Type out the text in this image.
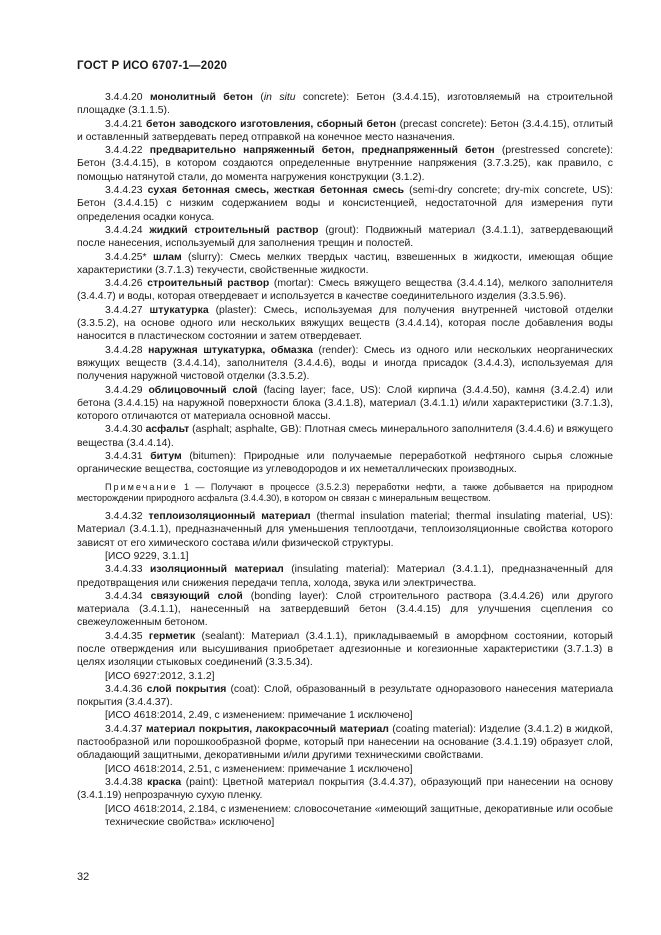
ГОСТ Р ИСО 6707-1—2020

3.4.4.20 монолитный бетон (in situ concrete): Бетон (3.4.4.15), изготовляемый на строительной площадке (3.1.1.5).

3.4.4.21 бетон заводского изготовления, сборный бетон (precast concrete): Бетон (3.4.4.15), отлитый и оставленный затвердевать перед отправкой на конечное место назначения.

3.4.4.22 предварительно напряженный бетон, преднапряженный бетон (prestressed concrete): Бетон (3.4.4.15), в котором создаются определенные внутренние напряжения (3.7.3.25), как правило, с помощью натянутой стали, до момента нагружения конструкции (3.1.2).

3.4.4.23 сухая бетонная смесь, жесткая бетонная смесь (semi-dry concrete; dry-mix concrete, US): Бетон (3.4.4.15) с низким содержанием воды и консистенцией, недостаточной для измерения пути определения осадки конуса.

3.4.4.24 жидкий строительный раствор (grout): Подвижный материал (3.4.1.1), затвердевающий после нанесения, используемый для заполнения трещин и полостей.

3.4.4.25* шлам (slurry): Смесь мелких твердых частиц, взвешенных в жидкости, имеющая общие характеристики (3.7.1.3) текучести, свойственные жидкости.

3.4.4.26 строительный раствор (mortar): Смесь вяжущего вещества (3.4.4.14), мелкого заполнителя (3.4.4.7) и воды, которая отвердевает и используется в качестве соединительного изделия (3.3.5.96).

3.4.4.27 штукатурка (plaster): Смесь, используемая для получения внутренней чистовой отделки (3.3.5.2), на основе одного или нескольких вяжущих веществ (3.4.4.14), которая после добавления воды наносится в пластическом состоянии и затем отвердевает.

3.4.4.28 наружная штукатурка, обмазка (render): Смесь из одного или нескольких неорганических вяжущих веществ (3.4.4.14), заполнителя (3.4.4.6), воды и иногда присадок (3.4.4.3), используемая для получения наружной чистовой отделки (3.3.5.2).

3.4.4.29 облицовочный слой (facing layer; face, US): Слой кирпича (3.4.4.50), камня (3.4.2.4) или бетона (3.4.4.15) на наружной поверхности блока (3.4.1.8), материал (3.4.1.1) и/или характеристики (3.7.1.3), которого отличаются от материала основной массы.

3.4.4.30 асфальт (asphalt; asphalte, GB): Плотная смесь минерального заполнителя (3.4.4.6) и вяжущего вещества (3.4.4.14).

3.4.4.31 битум (bitumen): Природные или получаемые переработкой нефтяного сырья сложные органические вещества, состоящие из углеводородов и их неметаллических производных.

Примечание 1 — Получают в процессе (3.5.2.3) переработки нефти, а также добывается на природном месторождении природного асфальта (3.4.4.30), в котором он связан с минеральным веществом.

3.4.4.32 теплоизоляционный материал (thermal insulation material; thermal insulating material, US): Материал (3.4.1.1), предназначенный для уменьшения теплоотдачи, теплоизоляционные свойства которого зависят от его химического состава и/или физической структуры.

[ИСО 9229, 3.1.1]

3.4.4.33 изоляционный материал (insulating material): Материал (3.4.1.1), предназначенный для предотвращения или снижения передачи тепла, холода, звука или электричества.

3.4.4.34 связующий слой (bonding layer): Слой строительного раствора (3.4.4.26) или другого материала (3.4.1.1), нанесенный на затвердевший бетон (3.4.4.15) для улучшения сцепления со свежеуложенным бетоном.

3.4.4.35 герметик (sealant): Материал (3.4.1.1), прикладываемый в аморфном состоянии, который после отверждения или высушивания приобретает адгезионные и когезионные характеристики (3.7.1.3) в целях изоляции стыковых соединений (3.3.5.34).

[ИСО 6927:2012, 3.1.2]

3.4.4.36 слой покрытия (coat): Слой, образованный в результате одноразового нанесения материала покрытия (3.4.4.37).

[ИСО 4618:2014, 2.49, с изменением: примечание 1 исключено]

3.4.4.37 материал покрытия, лакокрасочный материал (coating material): Изделие (3.4.1.2) в жидкой, пастообразной или порошкообразной форме, который при нанесении на основание (3.4.1.19) образует слой, обладающий защитными, декоративными и/или другими техническими свойствами.

[ИСО 4618:2014, 2.51, с изменением: примечание 1 исключено]

3.4.4.38 краска (paint): Цветной материал покрытия (3.4.4.37), образующий при нанесении на основу (3.4.1.19) непрозрачную сухую пленку.

[ИСО 4618:2014, 2.184, с изменением: словосочетание «имеющий защитные, декоративные или особые технические свойства» исключено]

32
